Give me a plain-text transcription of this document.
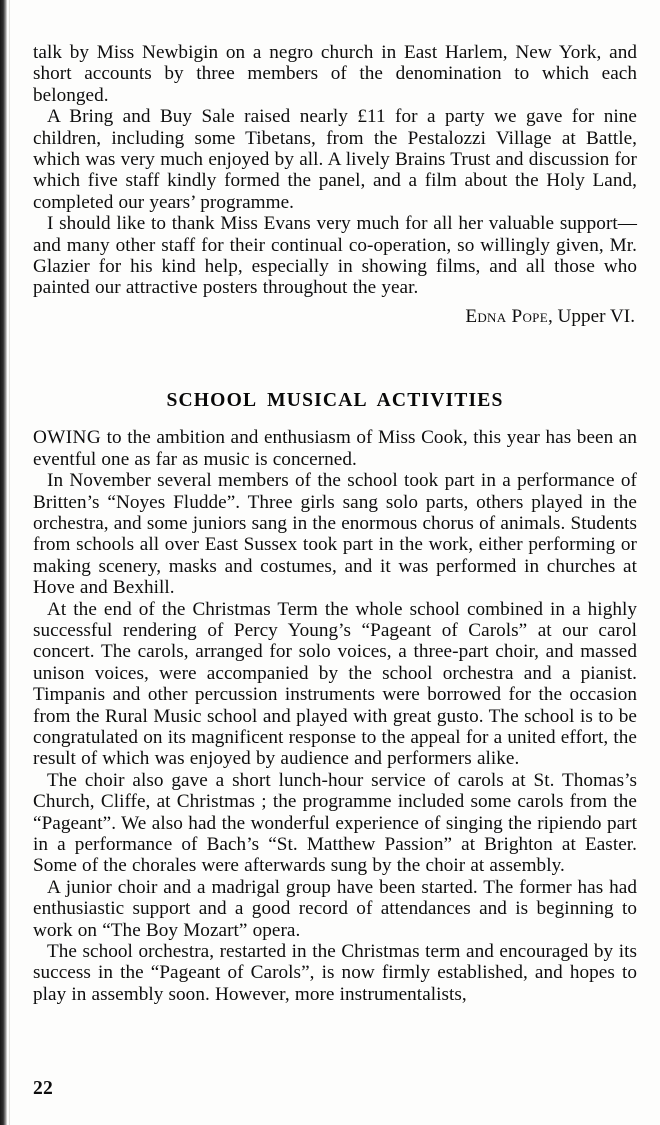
talk by Miss Newbigin on a negro church in East Harlem, New York, and short accounts by three members of the denomination to which each belonged.

A Bring and Buy Sale raised nearly £11 for a party we gave for nine children, including some Tibetans, from the Pestalozzi Village at Battle, which was very much enjoyed by all. A lively Brains Trust and discussion for which five staff kindly formed the panel, and a film about the Holy Land, completed our years’ programme.

I should like to thank Miss Evans very much for all her valuable support—and many other staff for their continual co-operation, so willingly given, Mr. Glazier for his kind help, especially in showing films, and all those who painted our attractive posters throughout the year.

Edna Pope, Upper VI.

SCHOOL MUSICAL ACTIVITIES

OWING to the ambition and enthusiasm of Miss Cook, this year has been an eventful one as far as music is concerned.

In November several members of the school took part in a performance of Britten’s “Noyes Fludde”. Three girls sang solo parts, others played in the orchestra, and some juniors sang in the enormous chorus of animals. Students from schools all over East Sussex took part in the work, either performing or making scenery, masks and costumes, and it was performed in churches at Hove and Bexhill.

At the end of the Christmas Term the whole school combined in a highly successful rendering of Percy Young’s “Pageant of Carols” at our carol concert. The carols, arranged for solo voices, a three-part choir, and massed unison voices, were accompanied by the school orchestra and a pianist. Timpanis and other percussion instruments were borrowed for the occasion from the Rural Music school and played with great gusto. The school is to be congratulated on its magnificent response to the appeal for a united effort, the result of which was enjoyed by audience and performers alike.

The choir also gave a short lunch-hour service of carols at St. Thomas’s Church, Cliffe, at Christmas ; the programme included some carols from the “Pageant”. We also had the wonderful experience of singing the ripiendo part in a performance of Bach’s “St. Matthew Passion” at Brighton at Easter. Some of the chorales were afterwards sung by the choir at assembly.

A junior choir and a madrigal group have been started. The former has had enthusiastic support and a good record of attendances and is beginning to work on “The Boy Mozart” opera.

The school orchestra, restarted in the Christmas term and encouraged by its success in the “Pageant of Carols”, is now firmly established, and hopes to play in assembly soon. However, more instrumentalists,

22
